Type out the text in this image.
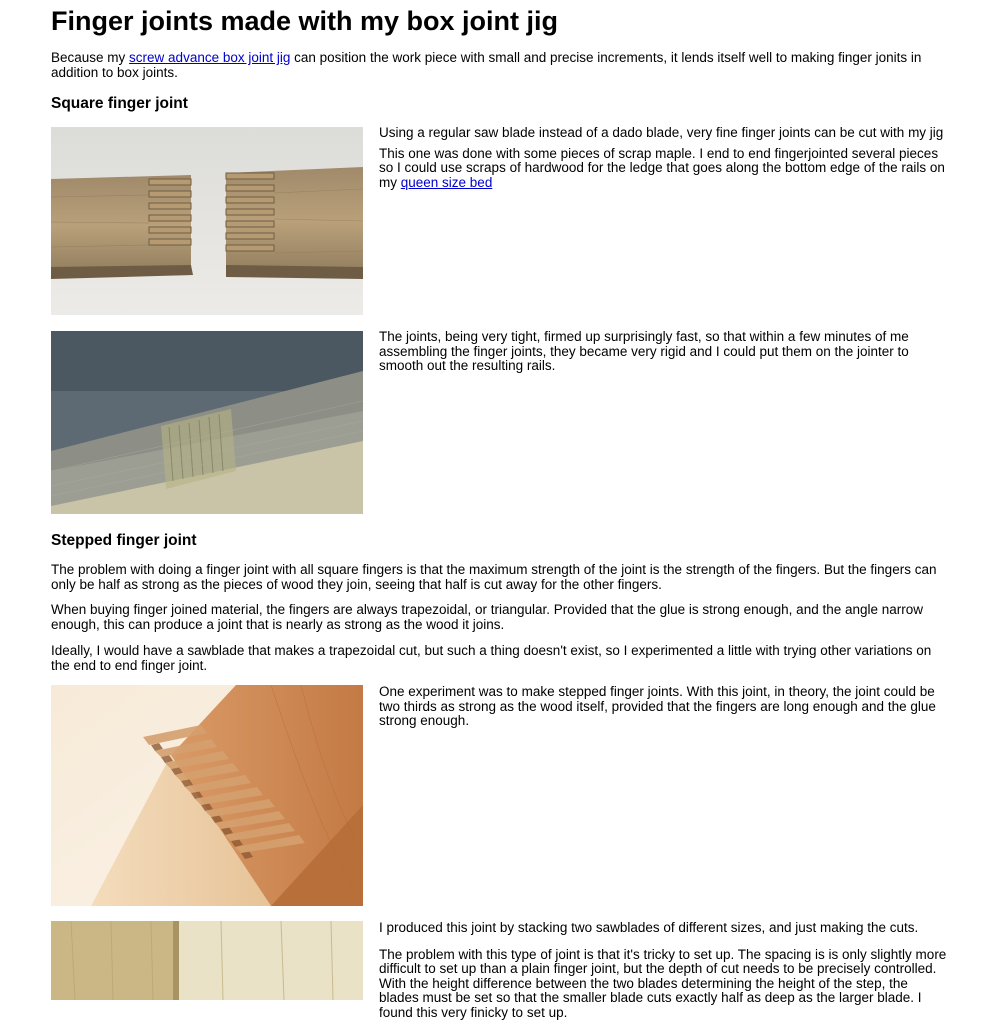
Finger joints made with my box joint jig

Because my screw advance box joint jig can position the work piece with small and precise increments, it lends itself well to making finger jonits in addition to box joints.

Square finger joint

Using a regular saw blade instead of a dado blade, very fine finger joints can be cut with my jig

This one was done with some pieces of scrap maple. I end to end fingerjointed several pieces so I could use scraps of hardwood for the ledge that goes along the bottom edge of the rails on my queen size bed

The joints, being very tight, firmed up surprisingly fast, so that within a few minutes of me assembling the finger joints, they became very rigid and I could put them on the jointer to smooth out the resulting rails.

Stepped finger joint

The problem with doing a finger joint with all square fingers is that the maximum strength of the joint is the strength of the fingers. But the fingers can only be half as strong as the pieces of wood they join, seeing that half is cut away for the other fingers.

When buying finger joined material, the fingers are always trapezoidal, or triangular. Provided that the glue is strong enough, and the angle narrow enough, this can produce a joint that is nearly as strong as the wood it joins.

Ideally, I would have a sawblade that makes a trapezoidal cut, but such a thing doesn't exist, so I experimented a little with trying other variations on the end to end finger joint.

One experiment was to make stepped finger joints. With this joint, in theory, the joint could be two thirds as strong as the wood itself, provided that the fingers are long enough and the glue strong enough.

I produced this joint by stacking two sawblades of different sizes, and just making the cuts.

The problem with this type of joint is that it's tricky to set up. The spacing is is only slightly more difficult to set up than a plain finger joint, but the depth of cut needs to be precisely controlled. With the height difference between the two blades determining the height of the step, the blades must be set so that the smaller blade cuts exactly half as deep as the larger blade. I found this very finicky to set up.
